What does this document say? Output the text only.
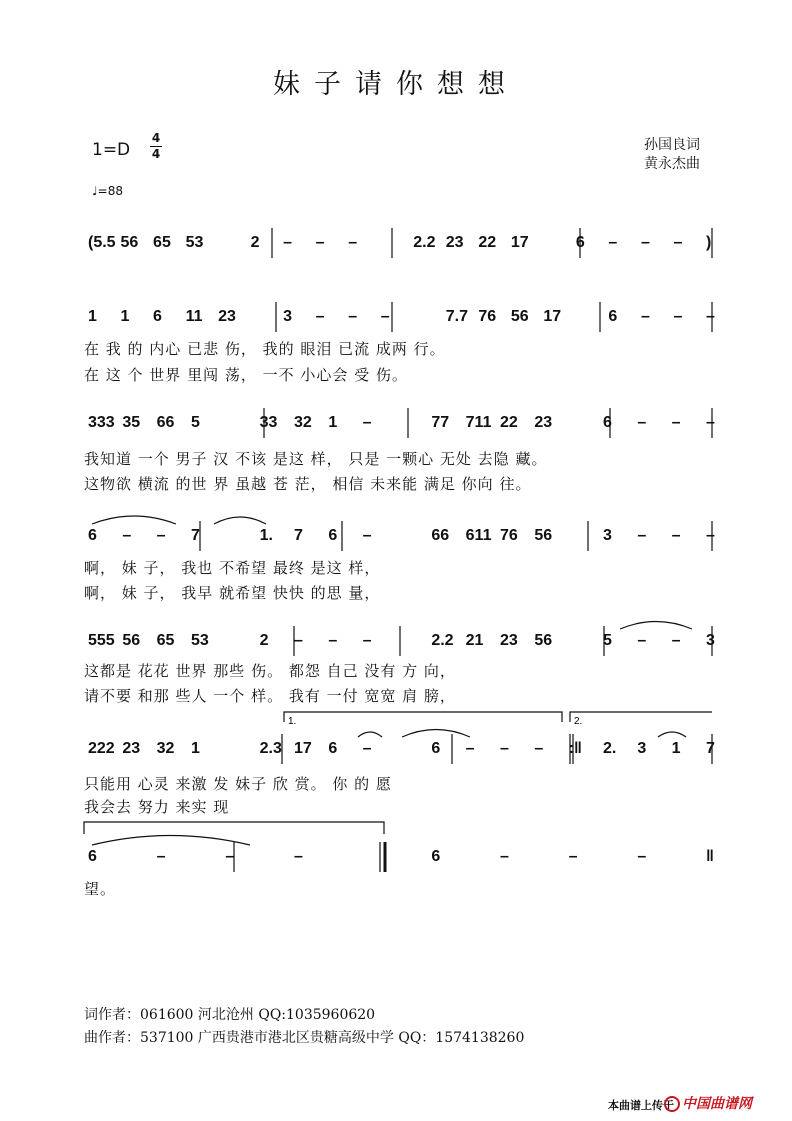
妹子请你想想
1=D
4
4
♩=88
孙国良词
黄永杰曲
(5.5 56 65 53	2 – – –	2.2 23 22 17	6 – – – )
1 1 6 11 23	3 – – –	7.7 76 56 17	6 – – –
在 我 的 内心 已悲 伤， 我的 眼泪 已流 成两 行。
在 这 个 世界 里闯 荡， 一不 小心会 受 伤。
333 35 66 5	33 32 1 –	77 711 22 23	6 – – –
我知道 一个 男子 汉 不该 是这 样， 只是 一颗心 无处 去隐 藏。
这物欲 横流 的世 界 虽越 苍 茫， 相信 未来能 满足 你向 往。
6 – – 7	1. 7 6 –	66 611 76 56	3 – – –
啊， 妹 子， 我也 不希望 最终 是这 样，
啊， 妹 子， 我早 就希望 快快 的思 量，
555 56 65 53	2 – – –	2.2 21 23 56	5 – – 3
这都是 花花 世界 那些 伤。 都怨 自己 没有 方 向，
请不要 和那 些人 一个 样。 我有 一付 宽宽 肩 膀，
222 23 32 1	2.3 17 6 –	6 – – – :‖ 2. 3 1 7
只能用 心灵 来激 发 妹子 欣 赏。 你 的 愿
我会去 努力 来实 现
6	–	–	–	6	–	–	–	‖
望。
1.	2.
词作者：061600 河北沧州 QQ:1035960620
曲作者：537100 广西贵港市港北区贵糖高级中学 QQ：1574138260
本曲谱上传于 中国曲谱网
